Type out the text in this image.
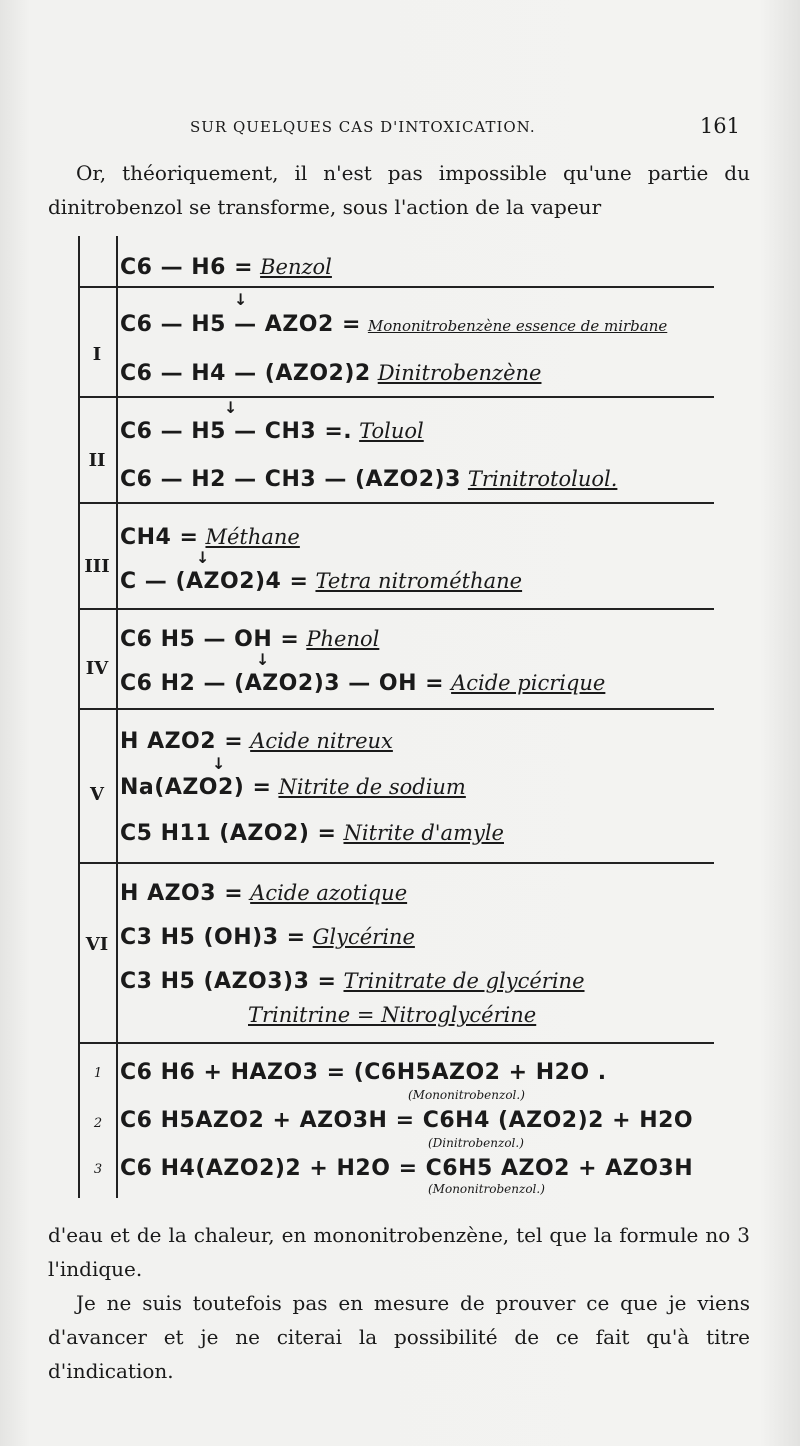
SUR QUELQUES CAS D'INTOXICATION.	161

Or, théoriquement, il n'est pas impossible qu'une partie du dinitrobenzol se transforme, sous l'action de la vapeur

C6 — H6 = Benzol
I
↓
C6 — H5 — AZO2 = Mononitrobenzène essence de mirbane
C6 — H4 — (AZO2)2 Dinitrobenzène
II
↓
C6 — H5 — CH3 =. Toluol
C6 — H2 — CH3 — (AZO2)3 Trinitrotoluol.
III
CH4 = Méthane
↓
C — (AZO2)4 = Tetra nitrométhane
IV
C6 H5 — OH = Phenol
↓
C6 H2 — (AZO2)3 — OH = Acide picrique
V
H AZO2 = Acide nitreux
↓
Na(AZO2) = Nitrite de sodium
C5 H11 (AZO2) = Nitrite d'amyle
VI
H AZO3 = Acide azotique
C3 H5 (OH)3 = Glycérine
C3 H5 (AZO3)3 = Trinitrate de glycérine
Trinitrine = Nitroglycérine
1 C6 H6 + HAZO3 = (C6H5AZO2 + H2O .
(Mononitrobenzol.)
2 C6 H5AZO2 + AZO3H = C6H4 (AZO2)2 + H2O
(Dinitrobenzol.)
3 C6 H4(AZO2)2 + H2O = C6H5 AZO2 + AZO3H
(Mononitrobenzol.)

d'eau et de la chaleur, en mononitrobenzène, tel que la formule no 3 l'indique.

Je ne suis toutefois pas en mesure de prouver ce que je viens d'avancer et je ne citerai la possibilité de ce fait qu'à titre d'indication.
